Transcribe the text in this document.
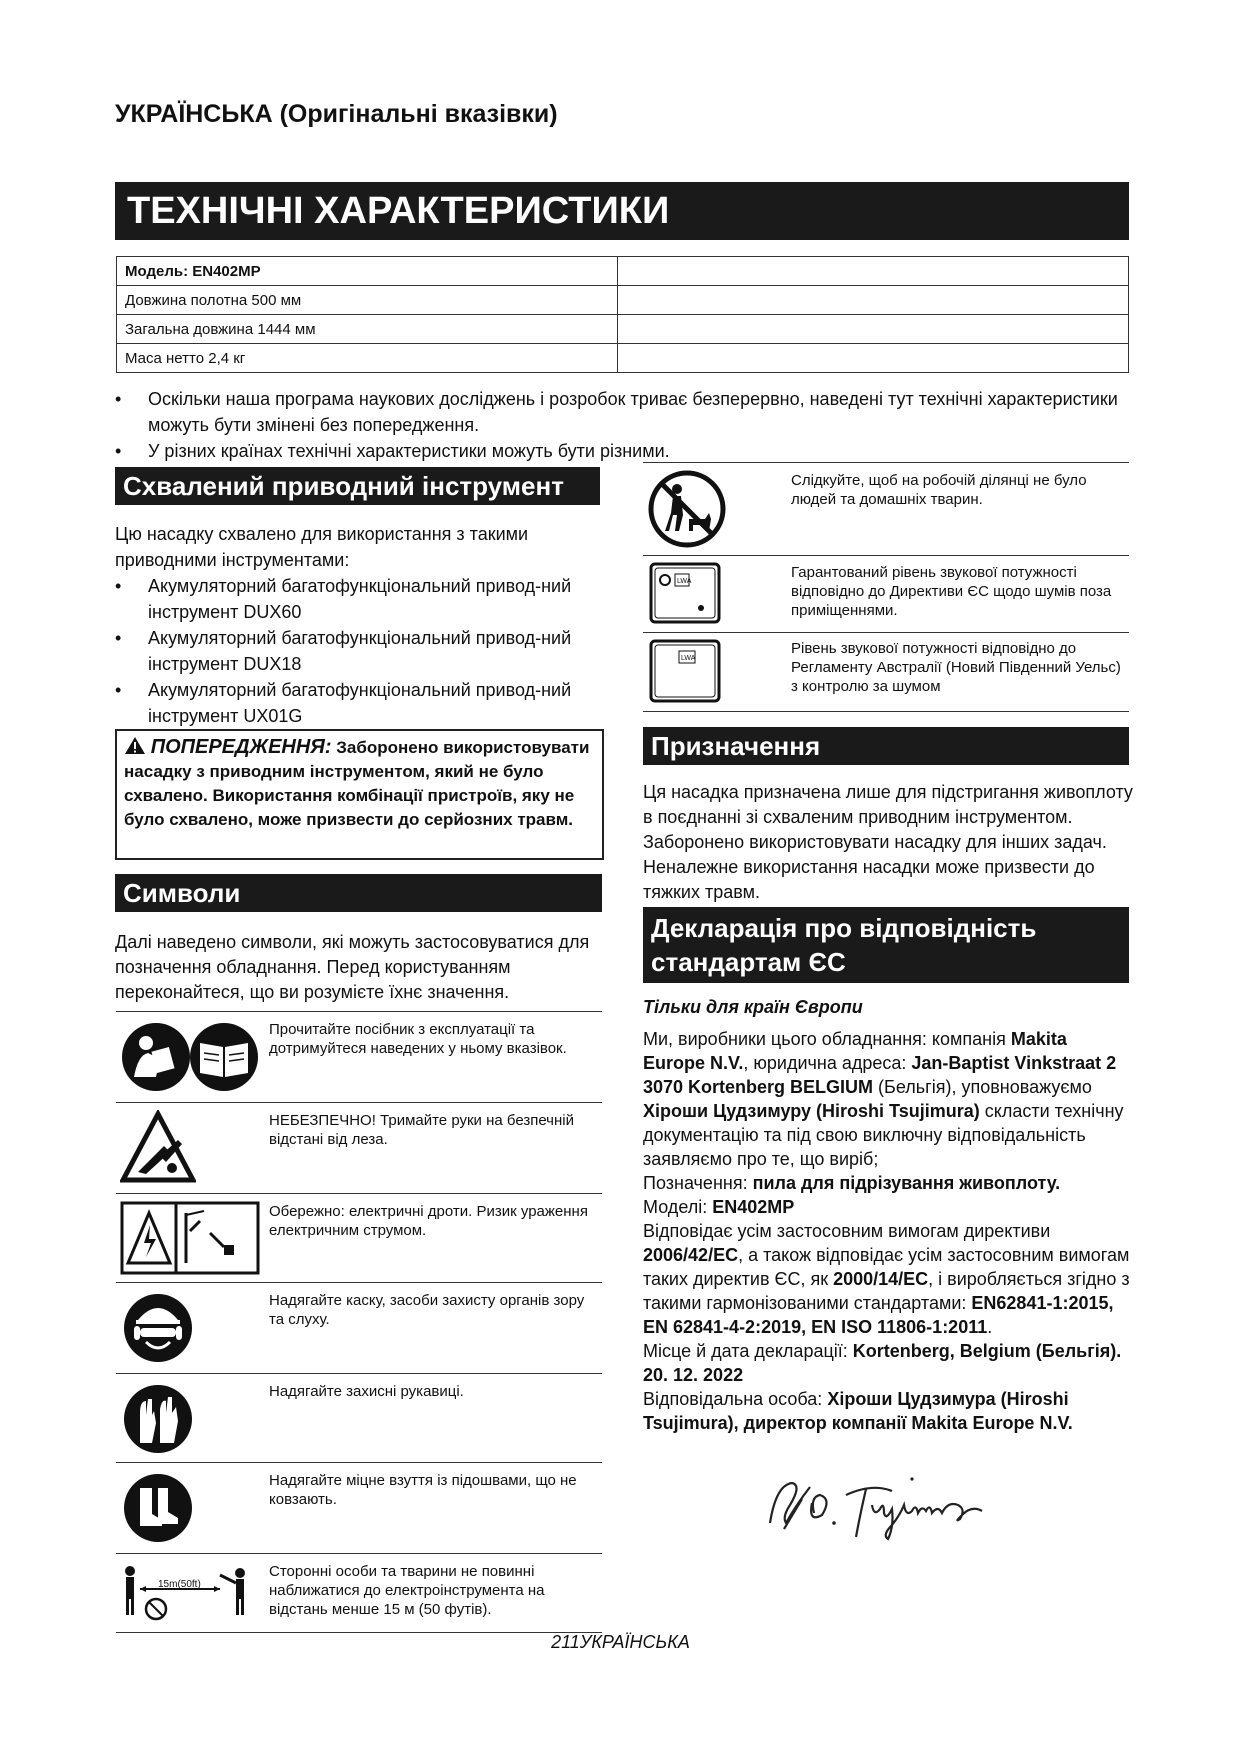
УКРАЇНСЬКА (Оригінальні вказівки)
ТЕХНІЧНІ ХАРАКТЕРИСТИКИ
Модель: EN402MP	
Довжина полотна 500 мм	
Загальна довжина 1444 мм	
Маса нетто 2,4 кг	
• Оскільки наша програма наукових досліджень і розробок триває безперервно, наведені тут технічні характеристики можуть бути змінені без попередження.
• У різних країнах технічні характеристики можуть бути різними.
Схвалений приводний інструмент
Цю насадку схвалено для використання з такими приводними інструментами:
• Акумуляторний багатофункціональний привод-ний інструмент DUX60
• Акумуляторний багатофункціональний привод-ний інструмент DUX18
• Акумуляторний багатофункціональний привод-ний інструмент UX01G
ПОПЕРЕДЖЕННЯ: Заборонено використовувати насадку з приводним інструментом, який не було схвалено. Використання комбінації пристроїв, яку не було схвалено, може призвести до серйозних травм.
Символи
Далі наведено символи, які можуть застосовуватися для позначення обладнання. Перед користуванням переконайтеся, що ви розумієте їхнє значення.
Прочитайте посібник з експлуатації та дотримуйтеся наведених у ньому вказівок.
НЕБЕЗПЕЧНО! Тримайте руки на безпечній відстані від леза.
Обережно: електричні дроти. Ризик ураження електричним струмом.
Надягайте каску, засоби захисту органів зору та слуху.
Надягайте захисні рукавиці.
Надягайте міцне взуття із підошвами, що не ковзають.
15m(50ft)
Сторонні особи та тварини не повинні наближатися до електроінструмента на відстань менше 15 м (50 футів).
Слідкуйте, щоб на робочій ділянці не було людей та домашніх тварин.
LWA
Гарантований рівень звукової потужності відповідно до Директиви ЄС щодо шумів поза приміщеннями.
LWA
Рівень звукової потужності відповідно до Регламенту Австралії (Новий Південний Уельс) з контролю за шумом
Призначення
Ця насадка призначена лише для підстригання живоплоту в поєднанні зі схваленим приводним інструментом. Заборонено використовувати насадку для інших задач. Неналежне використання насадки може призвести до тяжких травм.
Декларація про відповідність
стандартам ЄС
Тільки для країн Європи
Ми, виробники цього обладнання: компанія Makita Europe N.V., юридична адреса: Jan-Baptist Vinkstraat 2 3070 Kortenberg BELGIUM (Бельгія), уповноважуємо Хіроши Цудзимуру (Hiroshi Tsujimura) скласти технічну документацію та під свою виключну відповідальність заявляємо про те, що виріб;
Позначення: пила для підрізування живоплоту.
Моделі: EN402MP
Відповідає усім застосовним вимогам директиви 2006/42/EC, а також відповідає усім застосовним вимогам таких директив ЄС, як 2000/14/EC, і виробляється згідно з такими гармонізованими стандартами: EN62841-1:2015, EN 62841-4-2:2019, EN ISO 11806-1:2011.
Місце й дата декларації: Kortenberg, Belgium (Бельгія). 20. 12. 2022
Відповідальна особа: Хіроши Цудзимура (Hiroshi Tsujimura), директор компанії Makita Europe N.V.
211УКРАЇНСЬКА
